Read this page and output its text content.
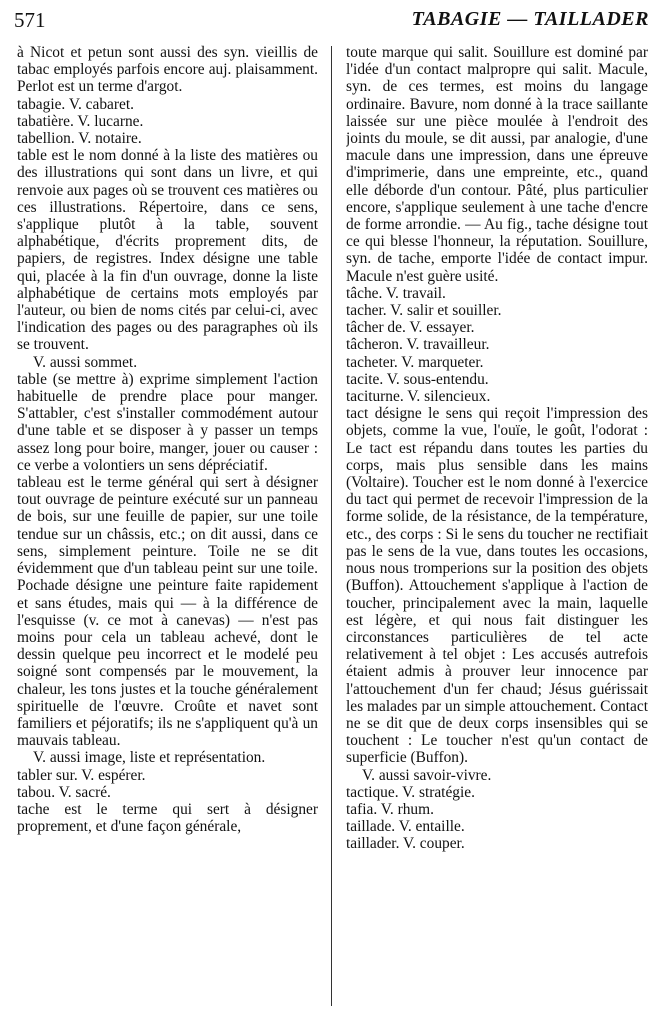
571	TABAGIE — TAILLADER

à Nicot et petun sont aussi des syn. vieillis de tabac employés parfois encore auj. plaisamment. Perlot est un terme d'argot.

tabagie. V. cabaret.

tabatière. V. lucarne.

tabellion. V. notaire.

table est le nom donné à la liste des matières ou des illustrations qui sont dans un livre, et qui renvoie aux pages où se trouvent ces matières ou ces illustrations. Répertoire, dans ce sens, s'applique plutôt à la table, souvent alphabétique, d'écrits proprement dits, de papiers, de registres. Index désigne une table qui, placée à la fin d'un ouvrage, donne la liste alphabétique de certains mots employés par l'auteur, ou bien de noms cités par celui-ci, avec l'indication des pages ou des paragraphes où ils se trouvent.

V. aussi sommet.

table (se mettre à) exprime simplement l'action habituelle de prendre place pour manger. S'attabler, c'est s'installer commodément autour d'une table et se disposer à y passer un temps assez long pour boire, manger, jouer ou causer : ce verbe a volontiers un sens dépréciatif.

tableau est le terme général qui sert à désigner tout ouvrage de peinture exécuté sur un panneau de bois, sur une feuille de papier, sur une toile tendue sur un châssis, etc.; on dit aussi, dans ce sens, simplement peinture. Toile ne se dit évidemment que d'un tableau peint sur une toile. Pochade désigne une peinture faite rapidement et sans études, mais qui — à la différence de l'esquisse (v. ce mot à canevas) — n'est pas moins pour cela un tableau achevé, dont le dessin quelque peu incorrect et le modelé peu soigné sont compensés par le mouvement, la chaleur, les tons justes et la touche généralement spirituelle de l'œuvre. Croûte et navet sont familiers et péjoratifs; ils ne s'appliquent qu'à un mauvais tableau.

V. aussi image, liste et représentation.

tabler sur. V. espérer.

tabou. V. sacré.

tache est le terme qui sert à désigner proprement, et d'une façon générale,

toute marque qui salit. Souillure est dominé par l'idée d'un contact malpropre qui salit. Macule, syn. de ces termes, est moins du langage ordinaire. Bavure, nom donné à la trace saillante laissée sur une pièce moulée à l'endroit des joints du moule, se dit aussi, par analogie, d'une macule dans une impression, dans une épreuve d'imprimerie, dans une empreinte, etc., quand elle déborde d'un contour. Pâté, plus particulier encore, s'applique seulement à une tache d'encre de forme arrondie. — Au fig., tache désigne tout ce qui blesse l'honneur, la réputation. Souillure, syn. de tache, emporte l'idée de contact impur. Macule n'est guère usité.

tâche. V. travail.

tacher. V. salir et souiller.

tâcher de. V. essayer.

tâcheron. V. travailleur.

tacheter. V. marqueter.

tacite. V. sous-entendu.

taciturne. V. silencieux.

tact désigne le sens qui reçoit l'impression des objets, comme la vue, l'ouïe, le goût, l'odorat : Le tact est répandu dans toutes les parties du corps, mais plus sensible dans les mains (Voltaire). Toucher est le nom donné à l'exercice du tact qui permet de recevoir l'impression de la forme solide, de la résistance, de la température, etc., des corps : Si le sens du toucher ne rectifiait pas le sens de la vue, dans toutes les occasions, nous nous tromperions sur la position des objets (Buffon). Attouchement s'applique à l'action de toucher, principalement avec la main, laquelle est légère, et qui nous fait distinguer les circonstances particulières de tel acte relativement à tel objet : Les accusés autrefois étaient admis à prouver leur innocence par l'attouchement d'un fer chaud; Jésus guérissait les malades par un simple attouchement. Contact ne se dit que de deux corps insensibles qui se touchent : Le toucher n'est qu'un contact de superficie (Buffon).

V. aussi savoir-vivre.

tactique. V. stratégie.

tafia. V. rhum.

taillade. V. entaille.

taillader. V. couper.
